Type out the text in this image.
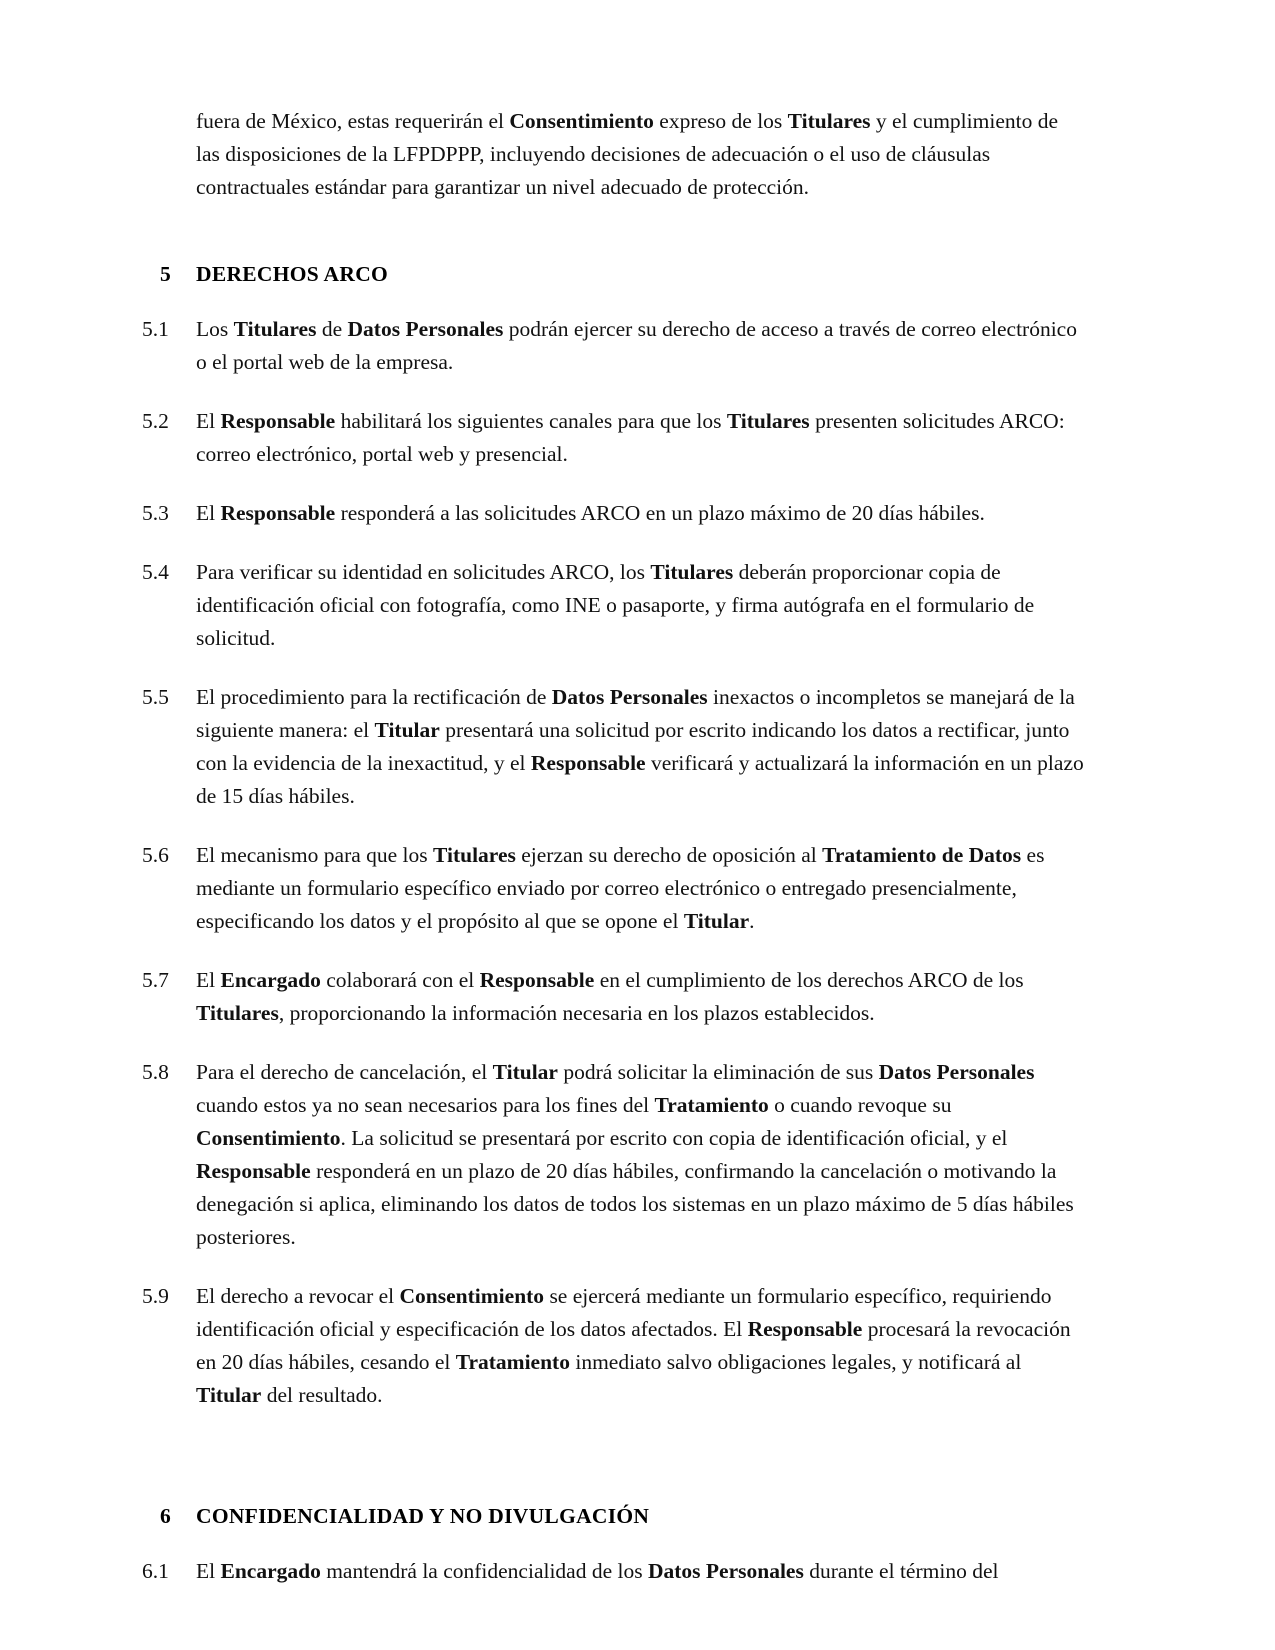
fuera de México, estas requerirán el Consentimiento expreso de los Titulares y el cumplimiento de las disposiciones de la LFPDPPP, incluyendo decisiones de adecuación o el uso de cláusulas contractuales estándar para garantizar un nivel adecuado de protección.

5	DERECHOS ARCO
5.1	Los Titulares de Datos Personales podrán ejercer su derecho de acceso a través de correo electrónico o el portal web de la empresa.
5.2	El Responsable habilitará los siguientes canales para que los Titulares presenten solicitudes ARCO: correo electrónico, portal web y presencial.
5.3	El Responsable responderá a las solicitudes ARCO en un plazo máximo de 20 días hábiles.
5.4	Para verificar su identidad en solicitudes ARCO, los Titulares deberán proporcionar copia de identificación oficial con fotografía, como INE o pasaporte, y firma autógrafa en el formulario de solicitud.
5.5	El procedimiento para la rectificación de Datos Personales inexactos o incompletos se manejará de la siguiente manera: el Titular presentará una solicitud por escrito indicando los datos a rectificar, junto con la evidencia de la inexactitud, y el Responsable verificará y actualizará la información en un plazo de 15 días hábiles.
5.6	El mecanismo para que los Titulares ejerzan su derecho de oposición al Tratamiento de Datos es mediante un formulario específico enviado por correo electrónico o entregado presencialmente, especificando los datos y el propósito al que se opone el Titular.
5.7	El Encargado colaborará con el Responsable en el cumplimiento de los derechos ARCO de los Titulares, proporcionando la información necesaria en los plazos establecidos.
5.8	Para el derecho de cancelación, el Titular podrá solicitar la eliminación de sus Datos Personales cuando estos ya no sean necesarios para los fines del Tratamiento o cuando revoque su Consentimiento. La solicitud se presentará por escrito con copia de identificación oficial, y el Responsable responderá en un plazo de 20 días hábiles, confirmando la cancelación o motivando la denegación si aplica, eliminando los datos de todos los sistemas en un plazo máximo de 5 días hábiles posteriores.
5.9	El derecho a revocar el Consentimiento se ejercerá mediante un formulario específico, requiriendo identificación oficial y especificación de los datos afectados. El Responsable procesará la revocación en 20 días hábiles, cesando el Tratamiento inmediato salvo obligaciones legales, y notificará al Titular del resultado.
6	CONFIDENCIALIDAD Y NO DIVULGACIÓN
6.1	El Encargado mantendrá la confidencialidad de los Datos Personales durante el término del
